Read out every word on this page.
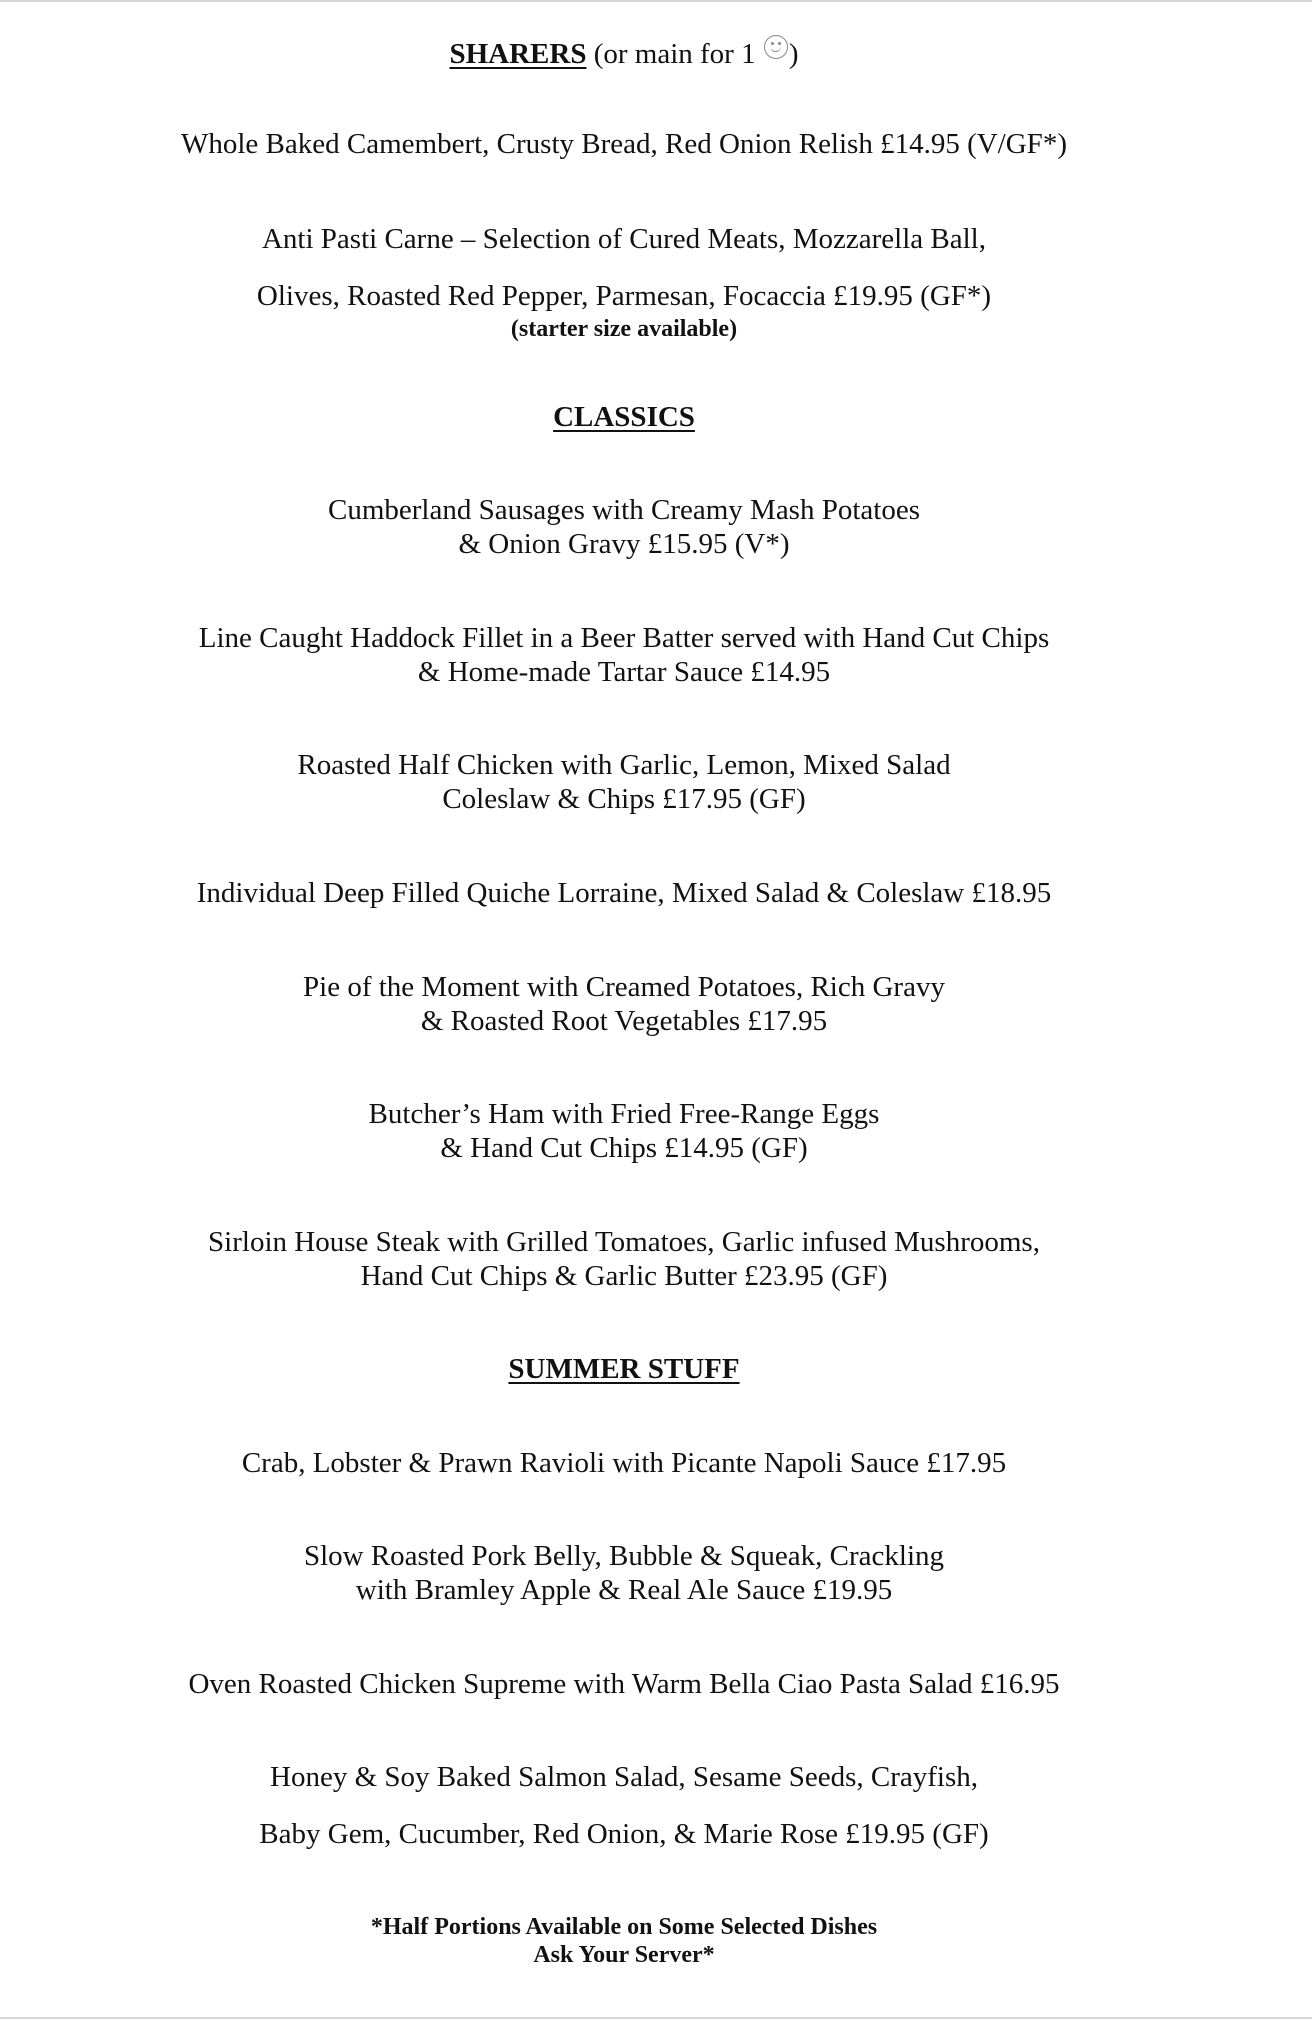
SHARERS (or main for 1 )
Whole Baked Camembert, Crusty Bread, Red Onion Relish £14.95 (V/GF*)
Anti Pasti Carne – Selection of Cured Meats, Mozzarella Ball,
Olives, Roasted Red Pepper, Parmesan, Focaccia £19.95 (GF*)
(starter size available)
CLASSICS
Cumberland Sausages with Creamy Mash Potatoes
& Onion Gravy £15.95 (V*)
Line Caught Haddock Fillet in a Beer Batter served with Hand Cut Chips
& Home-made Tartar Sauce £14.95
Roasted Half Chicken with Garlic, Lemon, Mixed Salad
Coleslaw & Chips £17.95 (GF)
Individual Deep Filled Quiche Lorraine, Mixed Salad & Coleslaw £18.95
Pie of the Moment with Creamed Potatoes, Rich Gravy
& Roasted Root Vegetables £17.95
Butcher’s Ham with Fried Free-Range Eggs
& Hand Cut Chips £14.95 (GF)
Sirloin House Steak with Grilled Tomatoes, Garlic infused Mushrooms,
Hand Cut Chips & Garlic Butter £23.95 (GF)
SUMMER STUFF
Crab, Lobster & Prawn Ravioli with Picante Napoli Sauce £17.95
Slow Roasted Pork Belly, Bubble & Squeak, Crackling
with Bramley Apple & Real Ale Sauce £19.95
Oven Roasted Chicken Supreme with Warm Bella Ciao Pasta Salad £16.95
Honey & Soy Baked Salmon Salad, Sesame Seeds, Crayfish,
Baby Gem, Cucumber, Red Onion, & Marie Rose £19.95 (GF)
*Half Portions Available on Some Selected Dishes
Ask Your Server*
